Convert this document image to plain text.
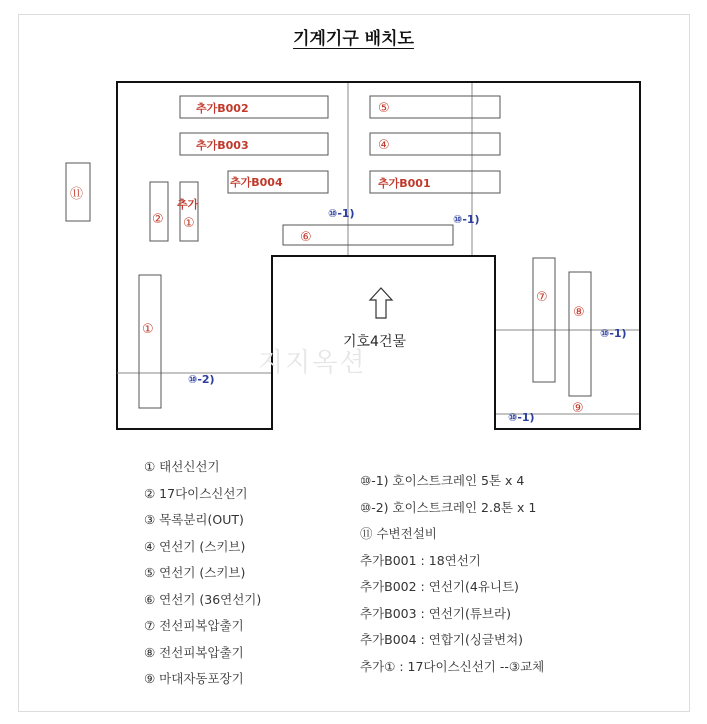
기계기구 배치도
추가B002
추가B003
추가B004	추가B001
⑤
④
⑪
②
추가
①
⑥
①
⑦
⑧
⑨
⑩-1)	⑩-1)
⑩-1)
⑩-1)
⑩-2)
기호4건물
지지옥션
① 태선신선기
② 17다이스신선기
③ 목록분리(OUT)
④ 연선기 (스키브)
⑤ 연선기 (스키브)
⑥ 연선기 (36연선기)
⑦ 전선피복압출기
⑧ 전선피복압출기
⑨ 마대자동포장기
⑩-1) 호이스트크레인 5톤 x 4
⑩-2) 호이스트크레인 2.8톤 x 1
⑪ 수변전설비
추가B001 : 18연선기
추가B002 : 연선기(4유니트)
추가B003 : 연선기(튜브라)
추가B004 : 연합기(싱글변쳐)
추가① : 17다이스신선기 --③교체
